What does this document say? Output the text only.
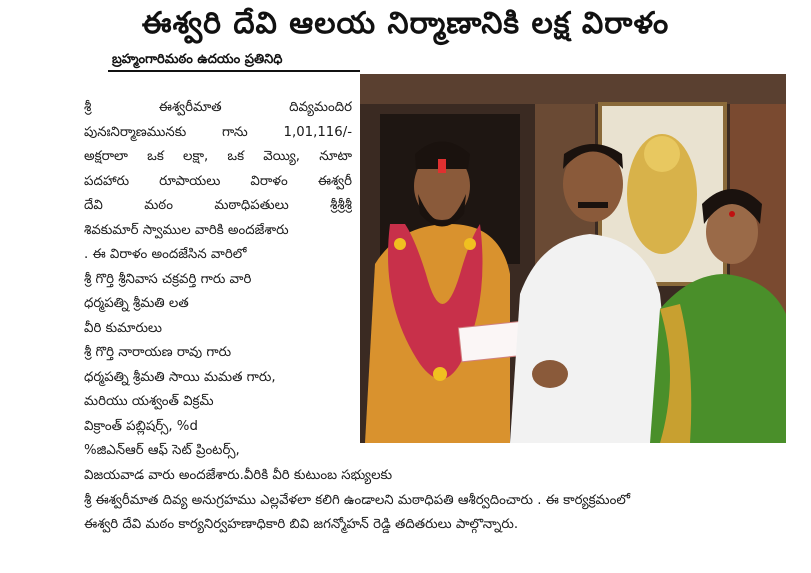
ఈశ్వరి దేవి ఆలయ నిర్మాణానికి లక్ష విరాళం
బ్రహ్మంగారిమఠం ఉదయం ప్రతినిధి
శ్రీ ఈశ్వరీమాత దివ్యమందిర
పునఃనిర్మాణమునకు గాను 1,01,116/-
అక్షరాలా ఒక లక్షా, ఒక వెయ్యి, నూటా
పదహారు రూపాయలు విరాళం ఈశ్వరీ
దేవి మఠం మఠాధిపతులు శ్రీశ్రీశ్రీ
శివకుమార్ స్వాముల వారికి అందజేశారు
. ఈ విరాళం అందజేసిన వారిలో
శ్రీ గొర్తి శ్రీనివాస చక్రవర్తి గారు వారి
ధర్మపత్ని శ్రీమతి లత
వీరి కుమారులు
శ్రీ గొర్తి నారాయణ రావు గారు
ధర్మపత్ని శ్రీమతి సాయి మమత గారు,
మరియు యశ్వంత్ విక్రమ్
విక్రాంత్ పబ్లిషర్స్, %d
%జిఎన్ఆర్ ఆఫ్ సెట్ ప్రింటర్స్,
విజయవాడ వారు అందజేశారు.వీరికి వీరి కుటుంబ సభ్యులకు
శ్రీ ఈశ్వరీమాత దివ్య అనుగ్రహము ఎల్లవేళలా కలిగి ఉండాలని మఠాధిపతి ఆశీర్వదించారు . ఈ కార్యక్రమంలో
ఈశ్వరి దేవి మఠం కార్యనిర్వహణాధికారి బివి జగన్మోహన్ రెడ్డి తదితరులు పాల్గొన్నారు.
